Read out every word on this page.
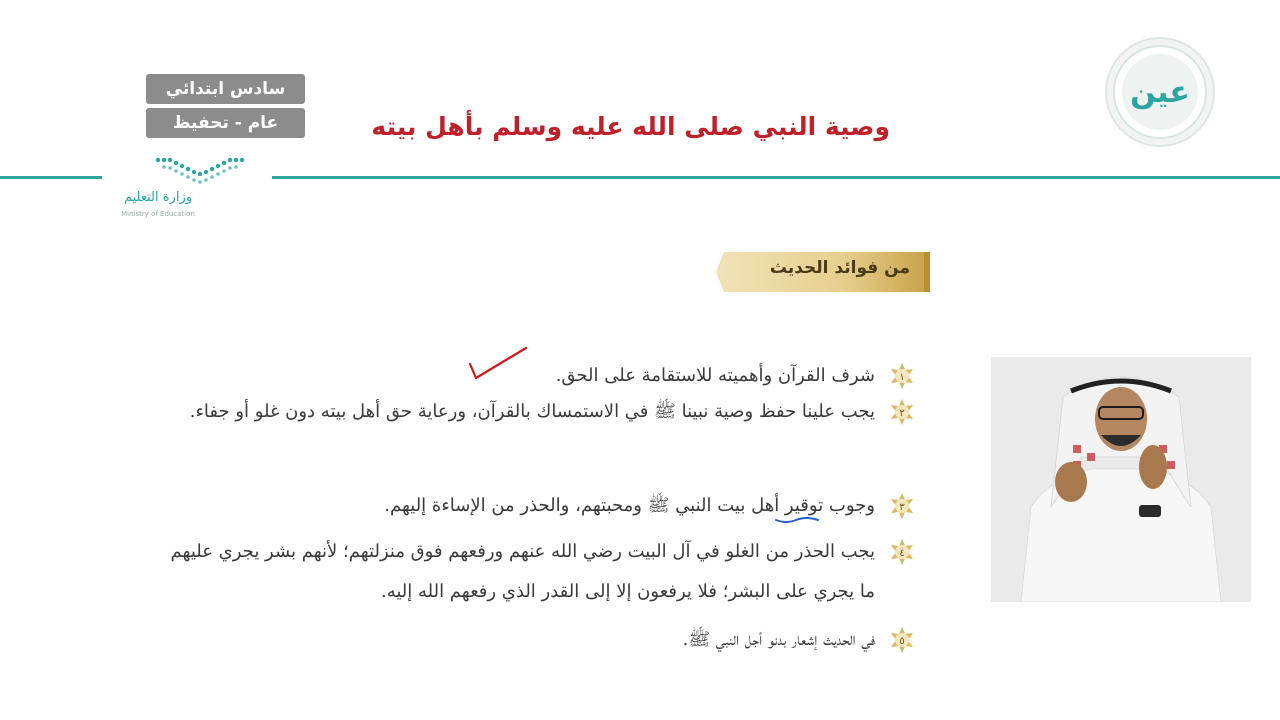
سادس ابتدائي
عام - تحفيظ
وزارة التعليم
Ministry of Education
وصية النبي صلى الله عليه وسلم بأهل بيته
عين
من فوائد الحديث
١
شرف القرآن وأهميته للاستقامة على الحق.
٢
يجب علينا حفظ وصية نبينا ﷺ في الاستمساك بالقرآن، ورعاية حق أهل بيته دون غلو أو جفاء.
٣
وجوب توقير أهل بيت النبي ﷺ ومحبتهم، والحذر من الإساءة إليهم.
٤
يجب الحذر من الغلو في آل البيت رضي الله عنهم ورفعهم فوق منزلتهم؛ لأنهم بشر يجري عليهم ما يجري على البشر؛ فلا يرفعون إلا إلى القدر الذي رفعهم الله إليه.
٥
في الحديث إشعار بدنو أجل النبي ﷺ.
